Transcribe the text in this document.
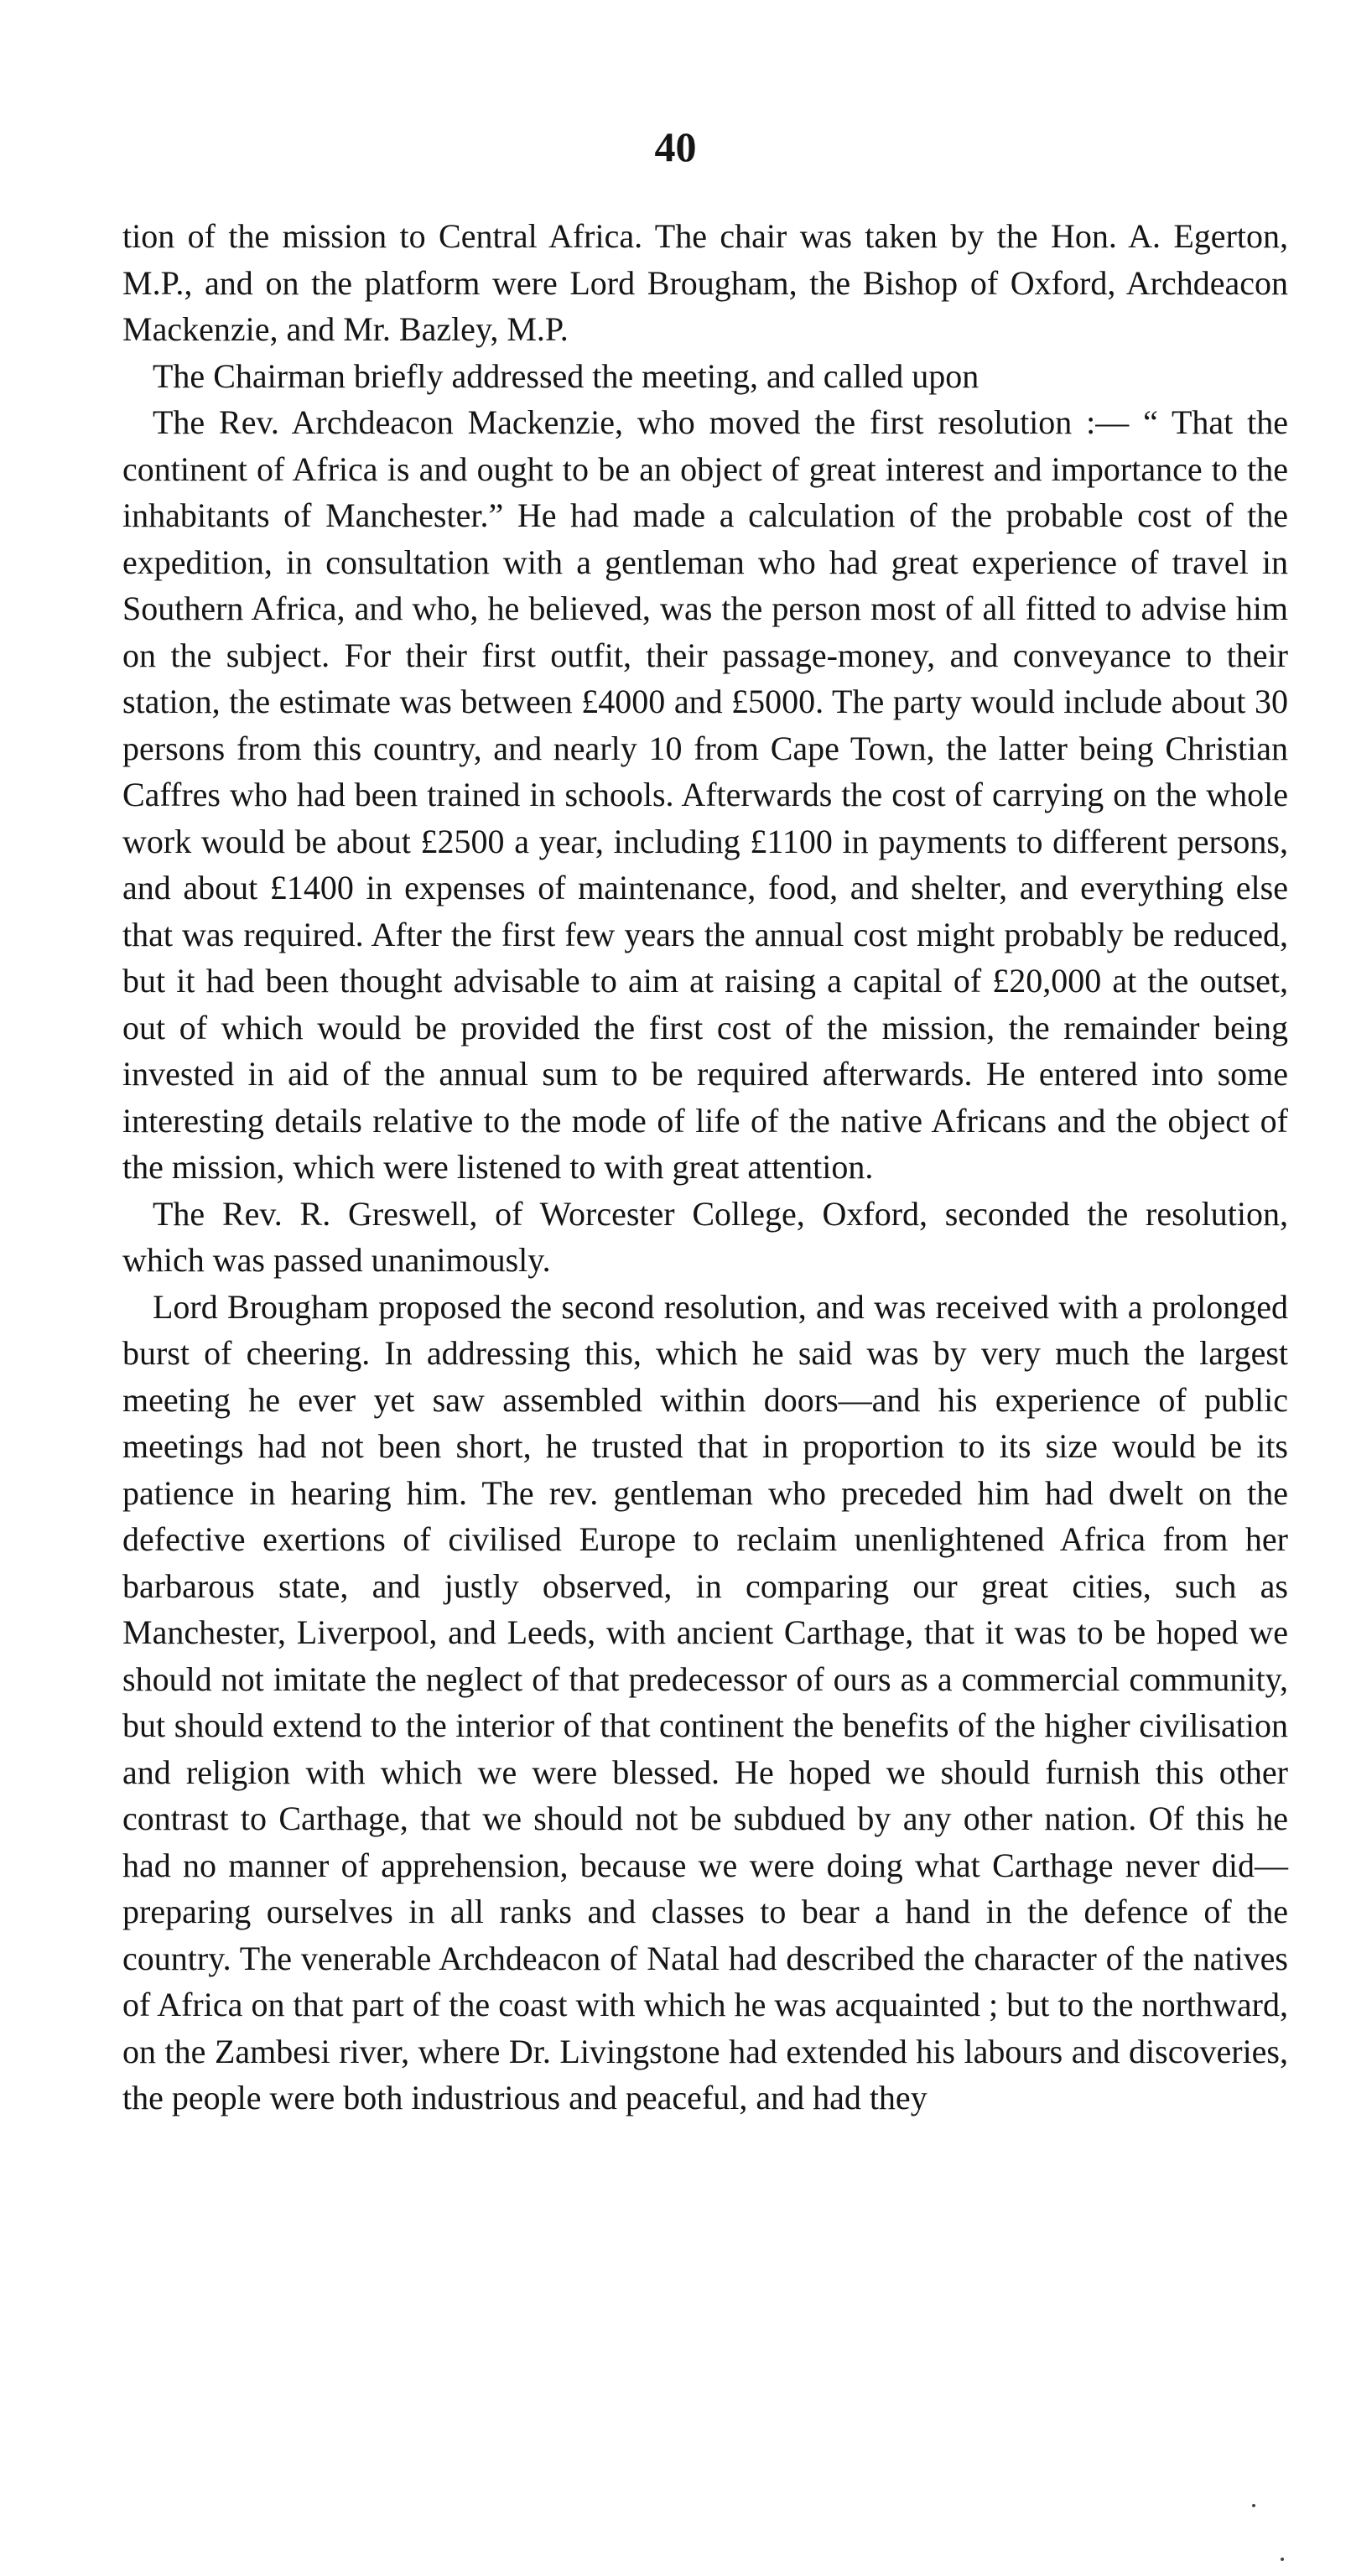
40

tion of the mission to Central Africa. The chair was taken by the Hon. A. Egerton, M.P., and on the platform were Lord Brougham, the Bishop of Oxford, Archdeacon Mackenzie, and Mr. Bazley, M.P.

The Chairman briefly addressed the meeting, and called upon

The Rev. Archdeacon Mackenzie, who moved the first resolution :— “ That the continent of Africa is and ought to be an object of great interest and importance to the inhabitants of Manchester.” He had made a calculation of the probable cost of the expedition, in consultation with a gentleman who had great experience of travel in Southern Africa, and who, he believed, was the person most of all fitted to advise him on the subject. For their first outfit, their passage-money, and conveyance to their station, the estimate was between £4000 and £5000. The party would include about 30 persons from this country, and nearly 10 from Cape Town, the latter being Christian Caffres who had been trained in schools. Afterwards the cost of carrying on the whole work would be about £2500 a year, including £1100 in payments to different persons, and about £1400 in expenses of maintenance, food, and shelter, and everything else that was required. After the first few years the annual cost might probably be reduced, but it had been thought advisable to aim at raising a capital of £20,000 at the outset, out of which would be provided the first cost of the mission, the remainder being invested in aid of the annual sum to be required afterwards. He entered into some interesting details relative to the mode of life of the native Africans and the object of the mission, which were listened to with great attention.

The Rev. R. Greswell, of Worcester College, Oxford, seconded the resolution, which was passed unanimously.

Lord Brougham proposed the second resolution, and was received with a prolonged burst of cheering. In addressing this, which he said was by very much the largest meeting he ever yet saw assembled within doors—and his experience of public meetings had not been short, he trusted that in proportion to its size would be its patience in hearing him. The rev. gentleman who preceded him had dwelt on the defective exertions of civilised Europe to reclaim unenlightened Africa from her barbarous state, and justly observed, in comparing our great cities, such as Manchester, Liverpool, and Leeds, with ancient Carthage, that it was to be hoped we should not imitate the neglect of that predecessor of ours as a commercial community, but should extend to the interior of that continent the benefits of the higher civilisation and religion with which we were blessed. He hoped we should furnish this other contrast to Carthage, that we should not be subdued by any other nation. Of this he had no manner of apprehension, because we were doing what Carthage never did—preparing ourselves in all ranks and classes to bear a hand in the defence of the country. The venerable Archdeacon of Natal had described the character of the natives of Africa on that part of the coast with which he was acquainted ; but to the northward, on the Zambesi river, where Dr. Livingstone had extended his labours and discoveries, the people were both industrious and peaceful, and had they
